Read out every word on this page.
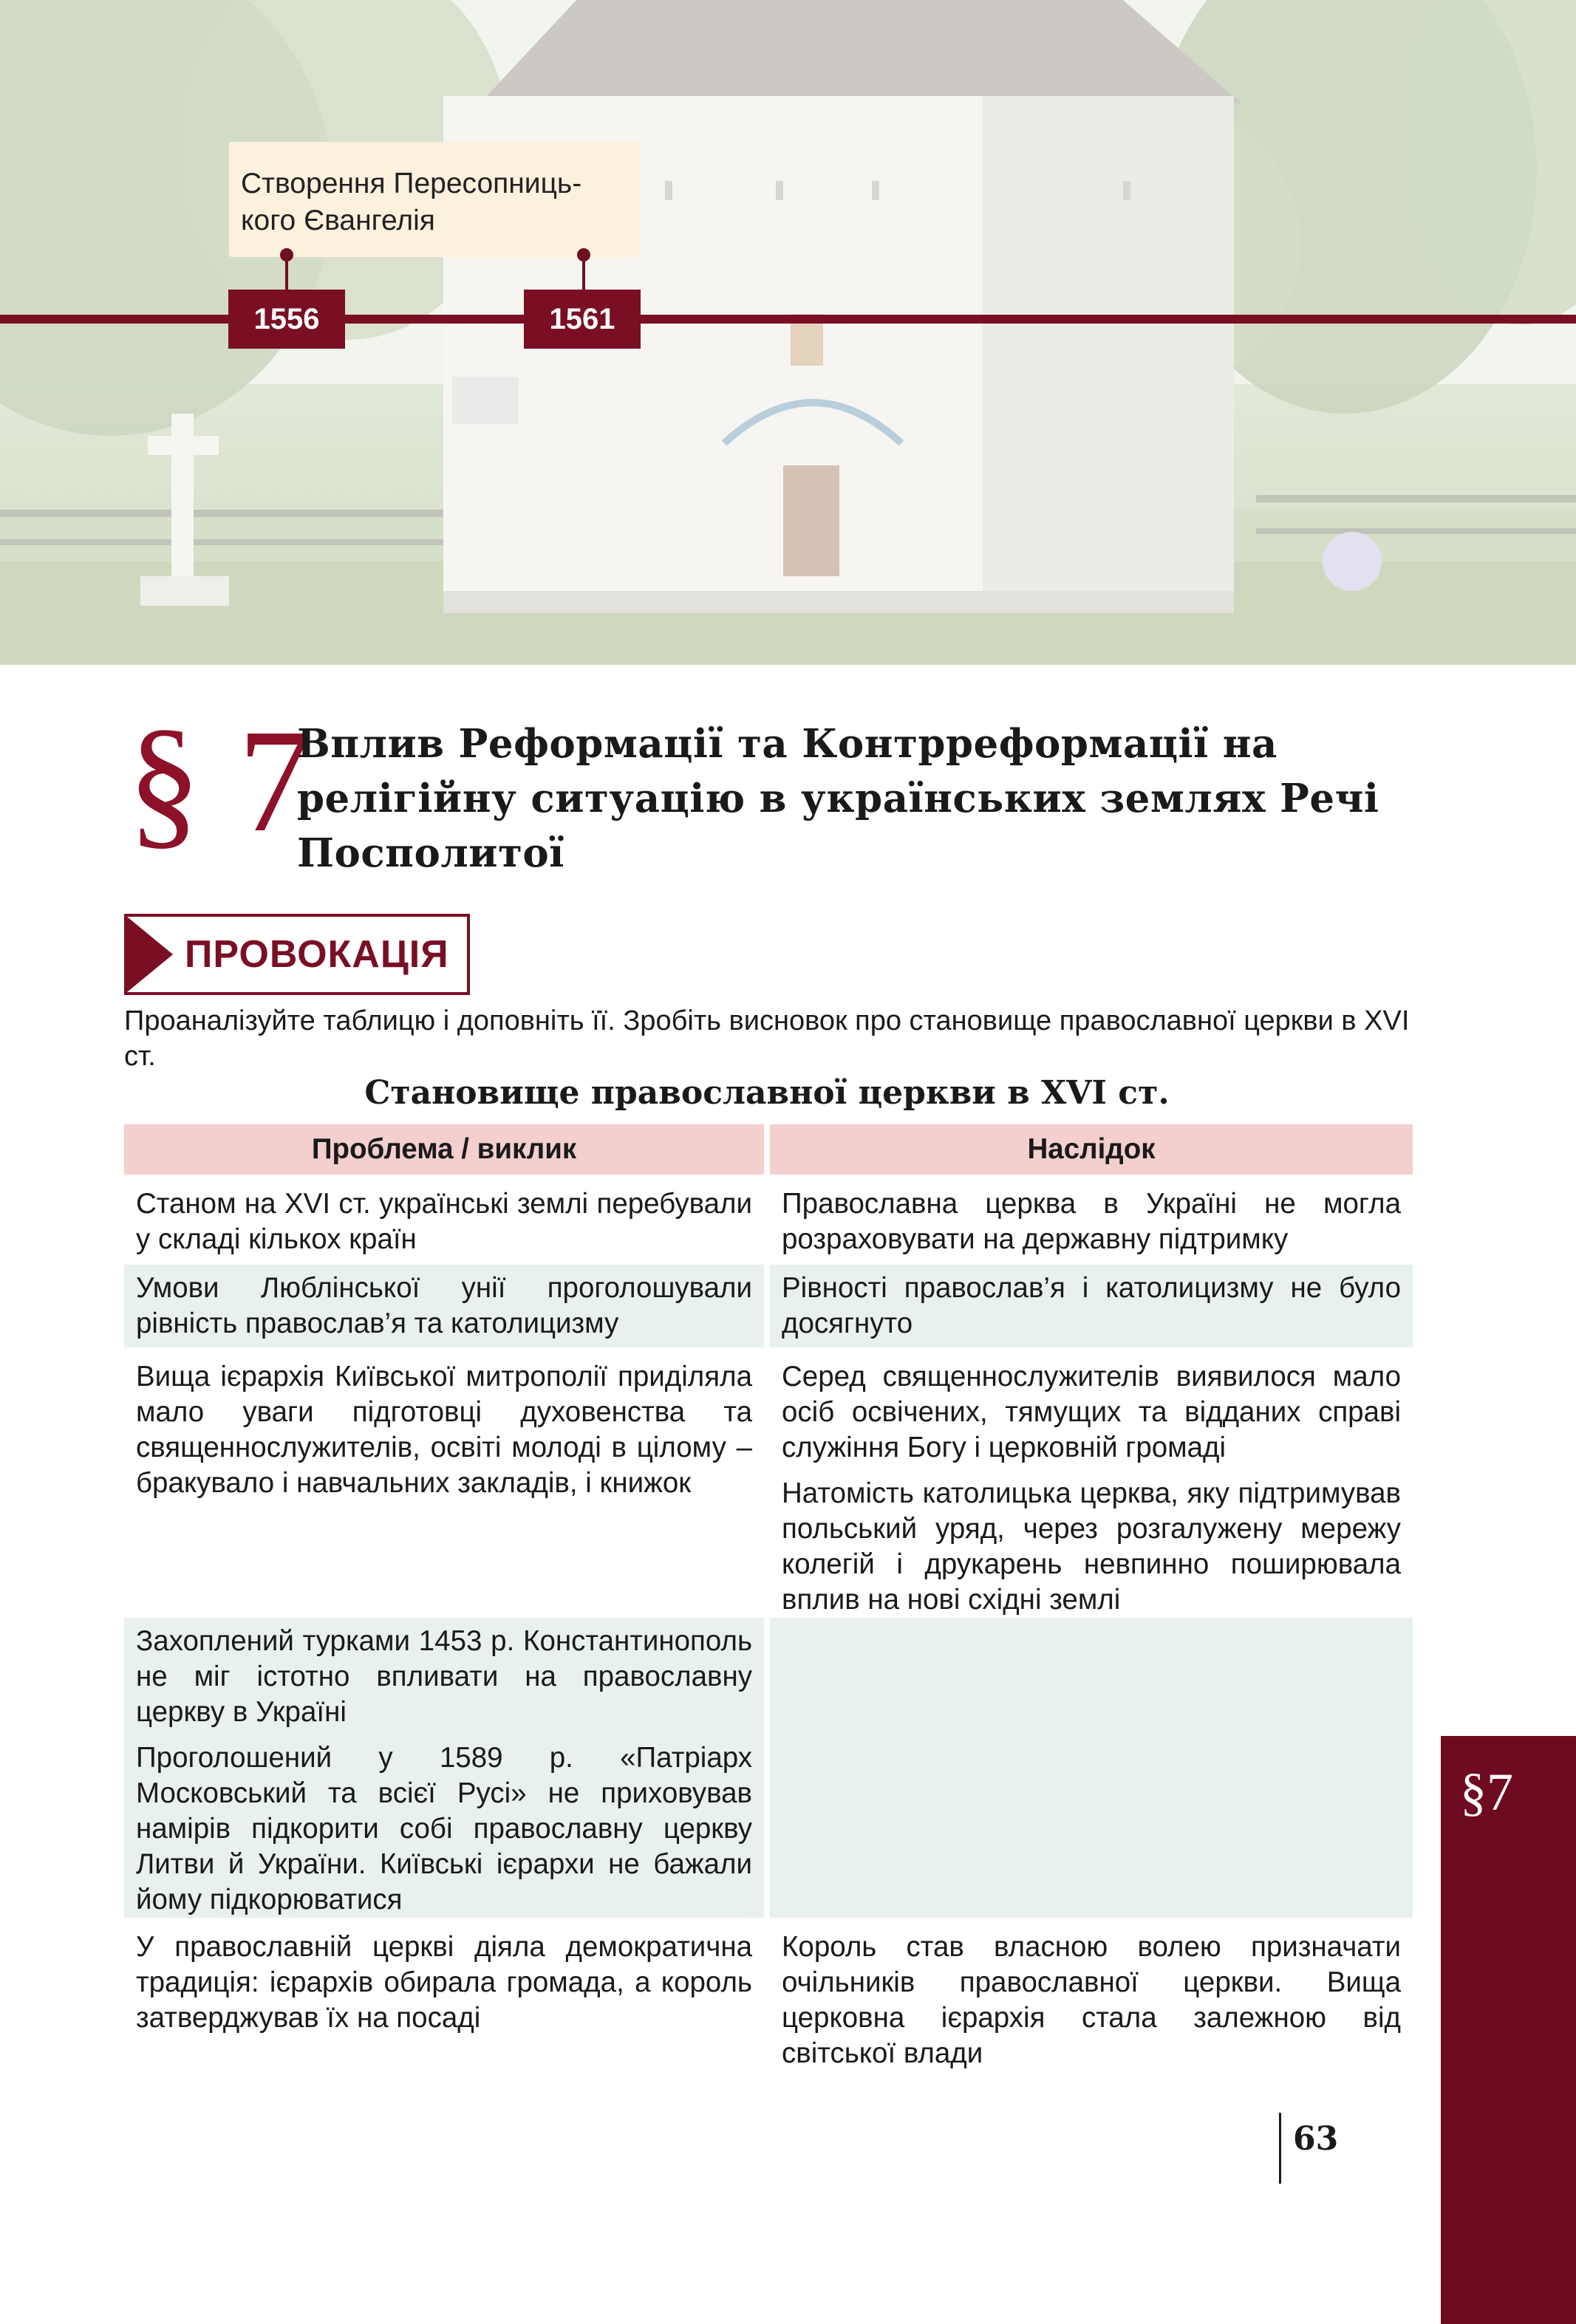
Створення Пересопниць-
кого Євангелія
1556	1561
§ 7
Вплив Реформації та Контрреформації на релігійну ситуацію в українських землях Речі Посполитої
ПРОВОКАЦІЯ
Проаналізуйте таблицю і доповніть її. Зробіть висновок про становище православної церкви в XVI ст.
Становище православної церкви в XVI ст.
Проблема / виклик	Наслідок

Станом на XVI ст. українські землі перебували у складі кількох країн

Православна церква в Україні не могла розраховувати на державну підтримку

Умови Люблінської унії проголошували рівність православ’я та католицизму

Рівності православ’я і католицизму не було досягнуто

Вища ієрархія Київської митрополії приділяла мало уваги підготовці духовенства та священнослужителів, освіті молоді в цілому – бракувало і навчальних закладів, і книжок

Серед священнослужителів виявилося мало осіб освічених, тямущих та відданих справі служіння Богу і церковній громаді

Натомість католицька церква, яку підтримував польський уряд, через розгалужену мережу колегій і друкарень невпинно поширювала вплив на нові східні землі

Захоплений турками 1453 р. Константинополь не міг істотно впливати на православну церкву в Україні

Проголошений у 1589 р. «Патріарх Московський та всієї Русі» не приховував намірів підкорити собі православну церкву Литви й України. Київські ієрархи не бажали йому підкорюватися

У православній церкві діяла демократична традиція: ієрархів обирала громада, а король затверджував їх на посаді

Король став власною волею призначати очільників православної церкви. Вища церковна ієрархія стала залежною від світської влади

§7
63
